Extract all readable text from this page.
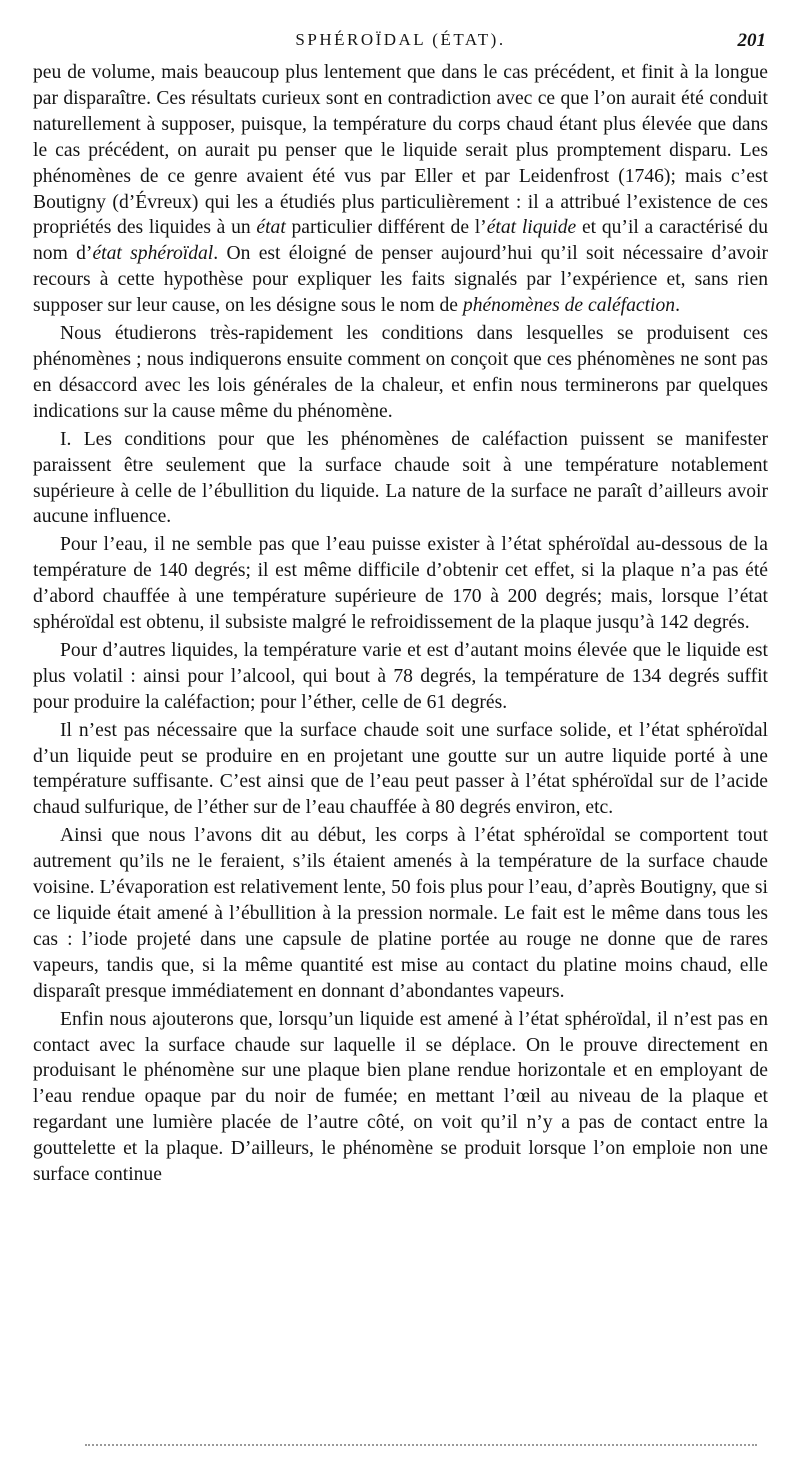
SPHÉROÏDAL (ÉTAT).	201

peu de volume, mais beaucoup plus lentement que dans le cas précédent, et finit à la longue par disparaître. Ces résultats curieux sont en contradiction avec ce que l’on aurait été conduit naturellement à supposer, puisque, la température du corps chaud étant plus élevée que dans le cas précédent, on aurait pu penser que le liquide serait plus promptement disparu. Les phénomènes de ce genre avaient été vus par Eller et par Leidenfrost (1746); mais c’est Boutigny (d’Évreux) qui les a étudiés plus particulièrement : il a attribué l’existence de ces propriétés des liquides à un état particulier différent de l’état liquide et qu’il a caractérisé du nom d’état sphéroïdal. On est éloigné de penser aujourd’hui qu’il soit nécessaire d’avoir recours à cette hypothèse pour expliquer les faits signalés par l’expérience et, sans rien supposer sur leur cause, on les désigne sous le nom de phénomènes de caléfaction.

Nous étudierons très-rapidement les conditions dans lesquelles se produisent ces phénomènes ; nous indiquerons ensuite comment on conçoit que ces phénomènes ne sont pas en désaccord avec les lois générales de la chaleur, et enfin nous terminerons par quelques indications sur la cause même du phénomène.

I. Les conditions pour que les phénomènes de caléfaction puissent se manifester paraissent être seulement que la surface chaude soit à une température notablement supérieure à celle de l’ébullition du liquide. La nature de la surface ne paraît d’ailleurs avoir aucune influence.

Pour l’eau, il ne semble pas que l’eau puisse exister à l’état sphéroïdal au-dessous de la température de 140 degrés; il est même difficile d’obtenir cet effet, si la plaque n’a pas été d’abord chauffée à une température supérieure de 170 à 200 degrés; mais, lorsque l’état sphéroïdal est obtenu, il subsiste malgré le refroidissement de la plaque jusqu’à 142 degrés.

Pour d’autres liquides, la température varie et est d’autant moins élevée que le liquide est plus volatil : ainsi pour l’alcool, qui bout à 78 degrés, la température de 134 degrés suffit pour produire la caléfaction; pour l’éther, celle de 61 degrés.

Il n’est pas nécessaire que la surface chaude soit une surface solide, et l’état sphéroïdal d’un liquide peut se produire en en projetant une goutte sur un autre liquide porté à une température suffisante. C’est ainsi que de l’eau peut passer à l’état sphéroïdal sur de l’acide chaud sulfurique, de l’éther sur de l’eau chauffée à 80 degrés environ, etc.

Ainsi que nous l’avons dit au début, les corps à l’état sphéroïdal se comportent tout autrement qu’ils ne le feraient, s’ils étaient amenés à la température de la surface chaude voisine. L’évaporation est relativement lente, 50 fois plus pour l’eau, d’après Boutigny, que si ce liquide était amené à l’ébullition à la pression normale. Le fait est le même dans tous les cas : l’iode projeté dans une capsule de platine portée au rouge ne donne que de rares vapeurs, tandis que, si la même quantité est mise au contact du platine moins chaud, elle disparaît presque immédiatement en donnant d’abondantes vapeurs.

Enfin nous ajouterons que, lorsqu’un liquide est amené à l’état sphéroïdal, il n’est pas en contact avec la surface chaude sur laquelle il se déplace. On le prouve directement en produisant le phénomène sur une plaque bien plane rendue horizontale et en employant de l’eau rendue opaque par du noir de fumée; en mettant l’œil au niveau de la plaque et regardant une lumière placée de l’autre côté, on voit qu’il n’y a pas de contact entre la gouttelette et la plaque. D’ailleurs, le phénomène se produit lorsque l’on emploie non une surface continue
